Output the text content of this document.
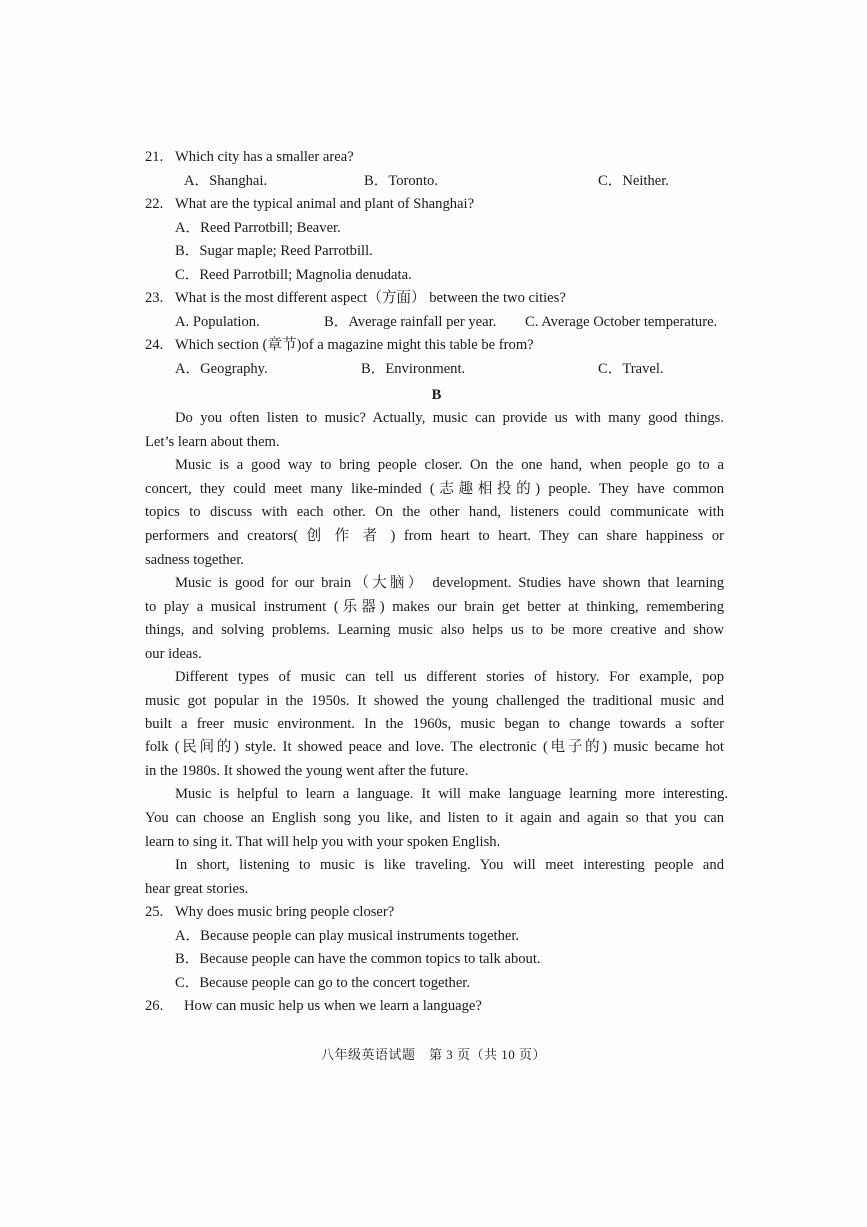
21. Which city has a smaller area?
A．Shanghai.	B．Toronto.	C．Neither.
22. What are the typical animal and plant of Shanghai?
A．Reed Parrotbill; Beaver.
B．Sugar maple; Reed Parrotbill.
C．Reed Parrotbill; Magnolia denudata.
23. What is the most different aspect（方面） between the two cities?
A. Population.	B．Average rainfall per year. C. Average October temperature.
24. Which section (章节)of a magazine might this table be from?
A．Geography.	B．Environment.	C．Travel.
B
Do you often listen to music? Actually, music can provide us with many good things.
Let’s learn about them.
Music is a good way to bring people closer. On the one hand, when people go to a
concert, they could meet many like-minded (志趣相投的) people. They have common
topics to discuss with each other. On the other hand, listeners could communicate with
performers and creators( 创 作 者 ) from heart to heart. They can share happiness or
sadness together.
Music is good for our brain（大脑） development. Studies have shown that learning
to play a musical instrument (乐器) makes our brain get better at thinking, remembering
things, and solving problems. Learning music also helps us to be more creative and show
our ideas.
Different types of music can tell us different stories of history. For example, pop
music got popular in the 1950s. It showed the young challenged the traditional music and
built a freer music environment. In the 1960s, music began to change towards a softer
folk (民间的) style. It showed peace and love. The electronic (电子的) music became hot
in the 1980s. It showed the young went after the future.
Music is helpful to learn a language. It will make language learning more interesting.
You can choose an English song you like, and listen to it again and again so that you can
learn to sing it. That will help you with your spoken English.
In short, listening to music is like traveling. You will meet interesting people and
hear great stories.
25. Why does music bring people closer?
A．Because people can play musical instruments together.
B．Because people can have the common topics to talk about.
C．Because people can go to the concert together.
26. How can music help us when we learn a language?
八年级英语试题　第 3 页（共 10 页）
